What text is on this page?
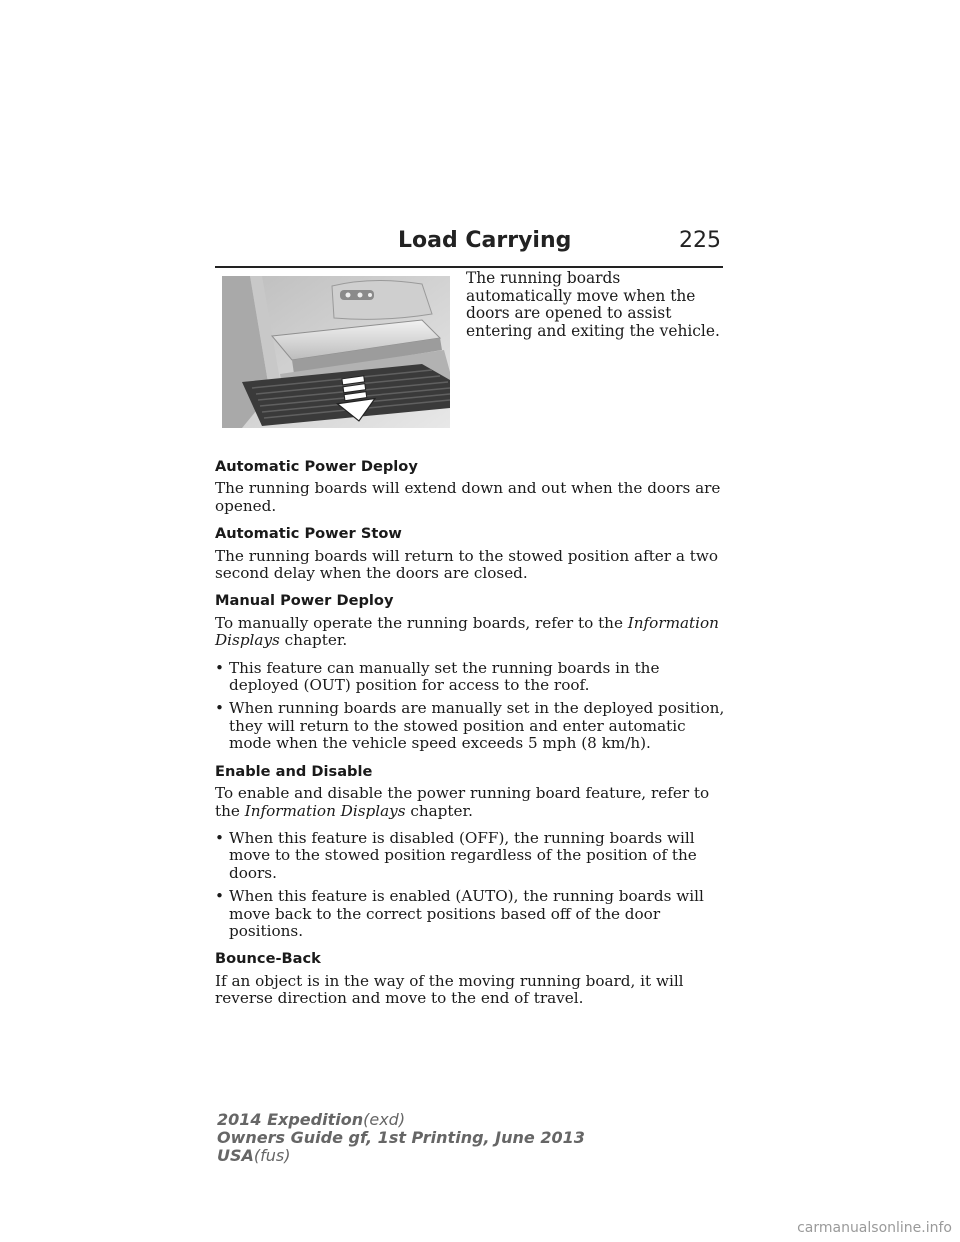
Load Carrying	225
The running boards automatically move when the doors are opened to assist entering and exiting the vehicle.
Automatic Power Deploy
The running boards will extend down and out when the doors are opened.
Automatic Power Stow
The running boards will return to the stowed position after a two second delay when the doors are closed.
Manual Power Deploy
To manually operate the running boards, refer to the Information Displays chapter.
• This feature can manually set the running boards in the deployed (OUT) position for access to the roof.
• When running boards are manually set in the deployed position, they will return to the stowed position and enter automatic mode when the vehicle speed exceeds 5 mph (8 km/h).
Enable and Disable
To enable and disable the power running board feature, refer to the Information Displays chapter.
• When this feature is disabled (OFF), the running boards will move to the stowed position regardless of the position of the doors.
• When this feature is enabled (AUTO), the running boards will move back to the correct positions based off of the door positions.
Bounce-Back
If an object is in the way of the moving running board, it will reverse direction and move to the end of travel.
2014 Expedition(exd)
Owners Guide gf, 1st Printing, June 2013
USA(fus)
carmanualsonline.info
